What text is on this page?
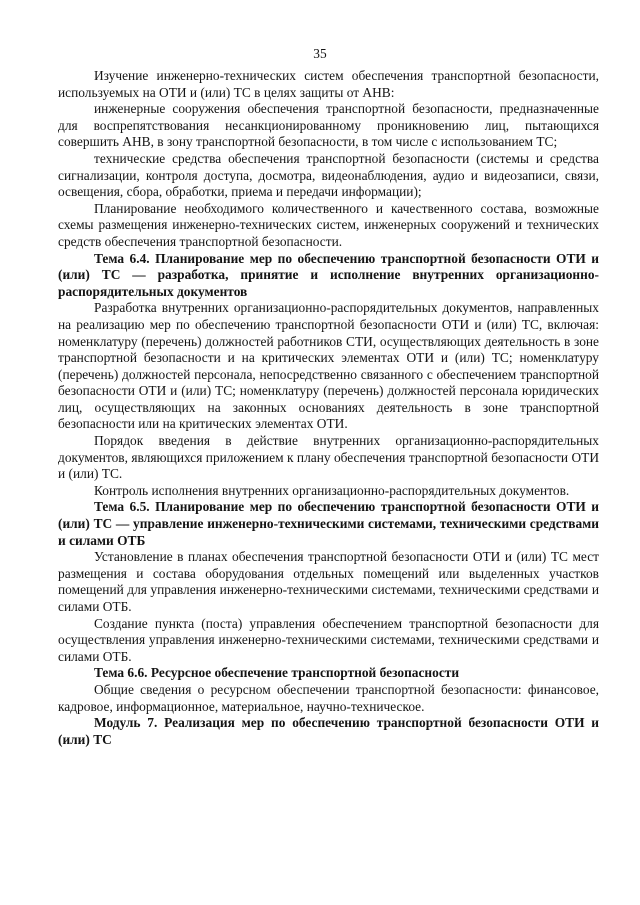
35

Изучение инженерно-технических систем обеспечения транспортной безопасности, используемых на ОТИ и (или) ТС в целях защиты от АНВ:

инженерные сооружения обеспечения транспортной безопасности, предназначенные для воспрепятствования несанкционированному проникновению лиц, пытающихся совершить АНВ, в зону транспортной безопасности, в том числе с использованием ТС;

технические средства обеспечения транспортной безопасности (системы и средства сигнализации, контроля доступа, досмотра, видеонаблюдения, аудио и видеозаписи, связи, освещения, сбора, обработки, приема и передачи информации);

Планирование необходимого количественного и качественного состава, возможные схемы размещения инженерно-технических систем, инженерных сооружений и технических средств обеспечения транспортной безопасности.

Тема 6.4. Планирование мер по обеспечению транспортной безопасности ОТИ и (или) ТС — разработка, принятие и исполнение внутренних организационно-распорядительных документов

Разработка внутренних организационно-распорядительных документов, направленных на реализацию мер по обеспечению транспортной безопасности ОТИ и (или) ТС, включая: номенклатуру (перечень) должностей работников СТИ, осуществляющих деятельность в зоне транспортной безопасности и на критических элементах ОТИ и (или) ТС; номенклатуру (перечень) должностей персонала, непосредственно связанного с обеспечением транспортной безопасности ОТИ и (или) ТС; номенклатуру (перечень) должностей персонала юридических лиц, осуществляющих на законных основаниях деятельность в зоне транспортной безопасности или на критических элементах ОТИ.

Порядок введения в действие внутренних организационно-распорядительных документов, являющихся приложением к плану обеспечения транспортной безопасности ОТИ и (или) ТС.

Контроль исполнения внутренних организационно-распорядительных документов.

Тема 6.5. Планирование мер по обеспечению транспортной безопасности ОТИ и (или) ТС — управление инженерно-техническими системами, техническими средствами и силами ОТБ

Установление в планах обеспечения транспортной безопасности ОТИ и (или) ТС мест размещения и состава оборудования отдельных помещений или выделенных участков помещений для управления инженерно-техническими системами, техническими средствами и силами ОТБ.

Создание пункта (поста) управления обеспечением транспортной безопасности для осуществления управления инженерно-техническими системами, техническими средствами и силами ОТБ.

Тема 6.6. Ресурсное обеспечение транспортной безопасности

Общие сведения о ресурсном обеспечении транспортной безопасности: финансовое, кадровое, информационное, материальное, научно-техническое.

Модуль 7. Реализация мер по обеспечению транспортной безопасности ОТИ и (или) ТС
